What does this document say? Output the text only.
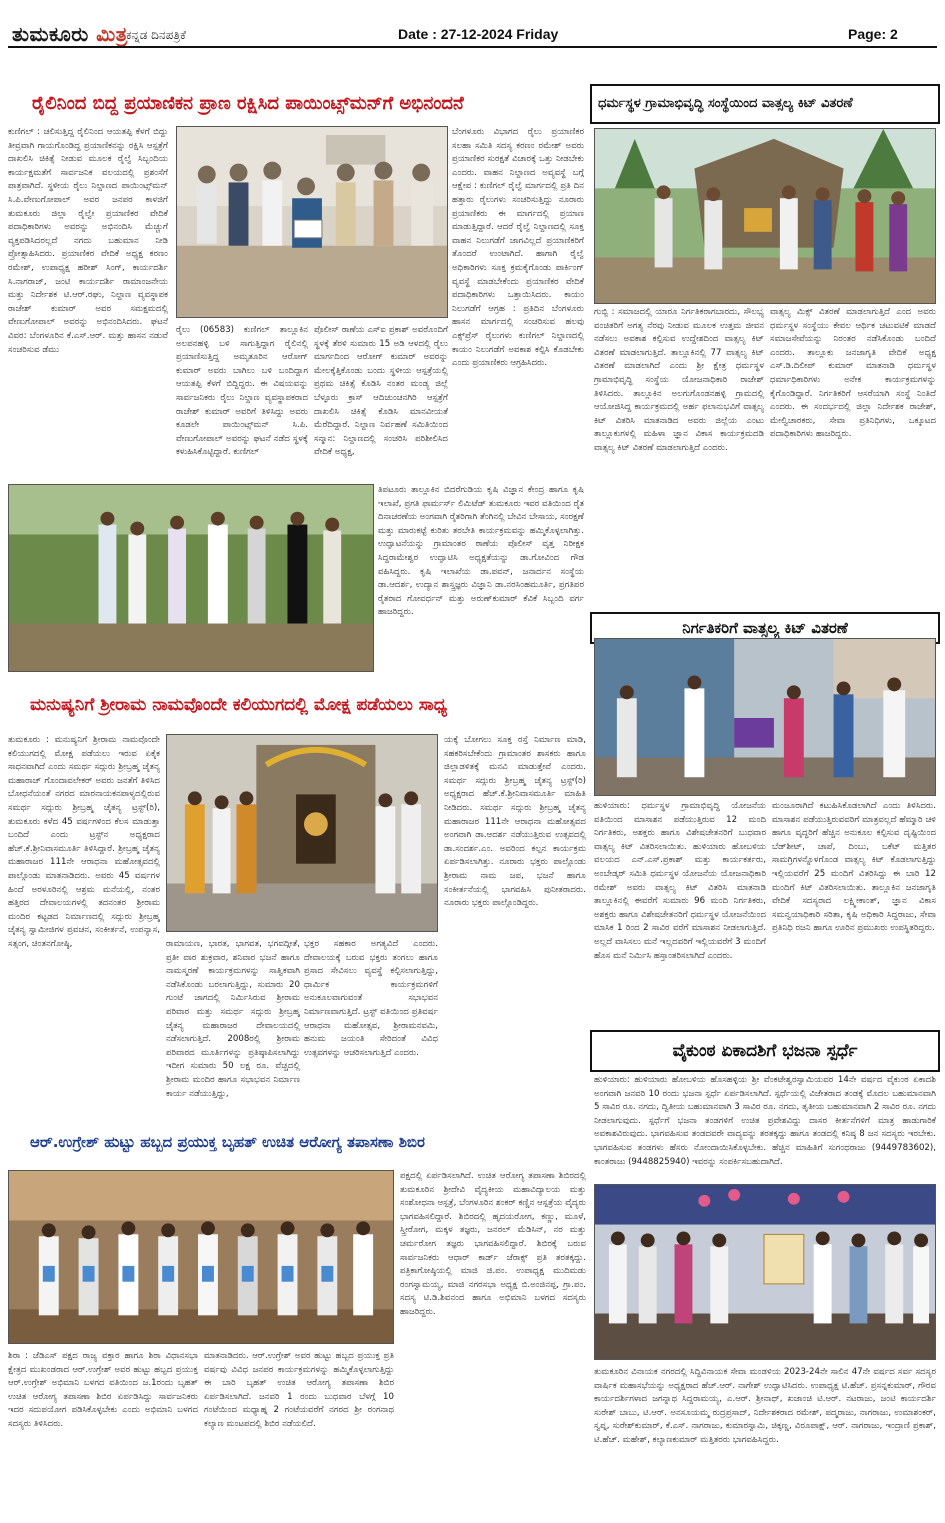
ತುಮಕೂರು ಮಿತ್ರ
ಕನ್ನಡ ದಿನಪತ್ರಿಕೆ	Date : 27-12-2024 Friday	Page: 2
ರೈಲಿನಿಂದ ಬಿದ್ದ ಪ್ರಯಾಣಿಕನ ಪ್ರಾಣ ರಕ್ಷಿಸಿದ ಪಾಯಿಂಟ್ಸ್‌ಮನ್‌ಗೆ ಅಭಿನಂದನೆ
ಕುಣಿಗಲ್ : ಚಲಿಸುತ್ತಿದ್ದ ರೈಲಿನಿಂದ ಆಯತಪ್ಪಿ ಕೆಳಗೆ ಬಿದ್ದು ತೀವ್ರವಾಗಿ ಗಾಯಗೊಂಡಿದ್ದ ಪ್ರಯಾಣಿಕನನ್ನು ರಕ್ಷಿಸಿ ಆಸ್ಪತ್ರೆಗೆ ದಾಖಲಿಸಿ ಚಿಕಿತ್ಸೆ ನೀಡುವ ಮೂಲಕ ರೈಲ್ವೆ ಸಿಬ್ಬಂದಿಯ ಕಾರ್ಯಕ್ಷಮತೆಗೆ ಸಾರ್ವಜನಿಕ ವಲಯದಲ್ಲಿ ಪ್ರಶಂಸೆಗೆ ಪಾತ್ರವಾಗಿದೆ. ಸ್ಥಳೀಯ ರೈಲು ನಿಲ್ದಾಣದ ಪಾಯಿಂಟ್ಸ್‌ಮನ್ ಸಿ.ಪಿ.ವೇಣುಗೋಪಾಲ್ ಅವರ ಜನಪರ ಕಾಳಜಿಗೆ ತುಮಕೂರು ಜಿಲ್ಲಾ ರೈಲ್ವೇ ಪ್ರಯಾಣಿಕರ ವೇದಿಕೆ ಪದಾಧಿಕಾರಿಗಳು ಅವರನ್ನು ಅಭಿನಂದಿಸಿ ಮೆಚ್ಚುಗೆ ವ್ಯಕ್ತಪಡಿಸಿದರಲ್ಲದೆ ನಗದು ಬಹುಮಾನ ನೀಡಿ ಪ್ರೋತ್ಸಾಹಿಸಿದರು. ಪ್ರಯಾಣಿಕರ ವೇದಿಕೆ ಅಧ್ಯಕ್ಷ ಕರಣಂ ರಮೇಶ್, ಉಪಾಧ್ಯಕ್ಷ ಹರೀಶ್ ಸಿಂಗ್, ಕಾರ್ಯದರ್ಶಿ ಸಿ.ನಾಗರಾಜ್, ಜಂಟಿ ಕಾರ್ಯದರ್ಶಿ ರಾಮಾಂಜನೇಯ ಮತ್ತು ನಿರ್ದೇಶಕ ಟಿ.ಆರ್.ರಘು, ನಿಲ್ದಾಣ ವ್ಯವಸ್ಥಾಪಕ ರಾಜೇಶ್ ಕುಮಾರ್ ಅವರ ಸಮಕ್ಷಮದಲ್ಲಿ ವೇಣುಗೋಪಾಲ್ ಅವರನ್ನು ಅಭಿನಂದಿಸಿದರು. ಘಟನೆ ವಿವರ: ಬೆಂಗಳೂರಿನ ಕೆ.ಎಸ್.ಆರ್. ಮತ್ತು ಹಾಸನ ನಡುವೆ ಸಂಚರಿಸುವ ಡೆಮು
ರೈಲು (06583) ಕುಣಿಗಲ್ ತಾಲ್ಲೂಕಿನ ಅಲಪನಹಳ್ಳಿ ಬಳಿ ಸಾಗುತ್ತಿದ್ದಾಗ ರೈಲಿನಲ್ಲಿ ಪ್ರಯಾಣಿಸುತ್ತಿದ್ದ ಅಮೃತೂರಿನ ಆರೋಗ್ ಕುಮಾರ್ ಅವರು ಬಾಗಿಲು ಬಳಿ ಬಂದಿದ್ದಾಗ ಆಯತಪ್ಪಿ ಕೆಳಗೆ ಬಿದ್ದಿದ್ದರು. ಈ ವಿಷಯವನ್ನು ಸಾರ್ವಜನಿಕರು ರೈಲು ನಿಲ್ದಾಣ ವ್ಯವಸ್ಥಾಪಕರಾದ ರಾಜೇಶ್ ಕುಮಾರ್ ಅವರಿಗೆ ತಿಳಿಸಿದ್ದು ಅವರು ಕೂಡಲೇ ಪಾಯಿಂಟ್ಸ್‌ಮನ್ ಸಿ.ಪಿ. ವೇಣುಗೋಪಾಲ್ ಅವರನ್ನು ಘಟನೆ ನಡೆದ ಸ್ಥಳಕ್ಕೆ ಕಳುಹಿಸಿಕೊಟ್ಟಿದ್ದಾರೆ. ಕುಣಿಗಲ್
ಪೊಲೀಸ್ ಠಾಣೆಯ ಎಸ್‌ಐ ಪ್ರಕಾಶ್ ಅವರೊಂದಿಗೆ ಸ್ಥಳಕ್ಕೆ ತೆರಳಿ ಸುಮಾರು 15 ಅಡಿ ಆಳದಲ್ಲಿ ರೈಲು ಮಾರ್ಗದಿಂದ ಆರೋಗ್ ಕುಮಾರ್ ಅವರನ್ನು ಮೇಲಕ್ಕೆತ್ತಿಕೊಂಡು ಬಂದು ಸ್ಥಳೀಯ ಆಸ್ಪತ್ರೆಯಲ್ಲಿ ಪ್ರಥಮ ಚಿಕಿತ್ಸೆ ಕೊಡಿಸಿ ನಂತರ ಮಂಡ್ಯ ಜಿಲ್ಲೆ ಬೆಳ್ಳೂರು ಕ್ರಾಸ್ ಆದಿಚುಂಚನಗಿರಿ ಆಸ್ಪತ್ರೆಗೆ ದಾಖಲಿಸಿ ಚಿಕಿತ್ಸೆ ಕೊಡಿಸಿ ಮಾನವೀಯತೆ ಮೆರೆದಿದ್ದಾರೆ. ನಿಲ್ದಾಣ ನಿರ್ವಹಣೆ ಸಮಿತಿಯಿಂದ ಸನ್ಮಾನ: ನಿಲ್ದಾಣದಲ್ಲಿ ಸಂಚರಿಸಿ ಪರಿಶೀಲಿಸಿದ ವೇದಿಕೆ ಅಧ್ಯಕ್ಷ,
ಬೆಂಗಳೂರು ವಿಭಾಗದ ರೈಲು ಪ್ರಯಾಣಿಕರ ಸಲಹಾ ಸಮಿತಿ ಸದಸ್ಯ ಕರಣಂ ರಮೇಶ್ ಅವರು ಪ್ರಯಾಣಿಕರ ಸುರಕ್ಷತೆ ವಿಚಾರಕ್ಕೆ ಒತ್ತು ನೀಡಬೇಕು ಎಂದರು. ವಾಹನ ನಿಲ್ದಾಣದ ಅವ್ಯವಸ್ಥೆ ಬಗ್ಗೆ ಆಕ್ಷೇಪ : ಕುಣಿಗಲ್ ರೈಲ್ವೆ ಮಾರ್ಗದಲ್ಲಿ ಪ್ರತಿ ದಿನ ಹತ್ತಾರು ರೈಲುಗಳು ಸಂಚರಿಸುತ್ತಿದ್ದು ನೂರಾರು ಪ್ರಯಾಣಿಕರು ಈ ಮಾರ್ಗದಲ್ಲಿ ಪ್ರಯಾಣ ಮಾಡುತ್ತಿದ್ದಾರೆ. ಆದರೆ ರೈಲ್ವೆ ನಿಲ್ದಾಣದಲ್ಲಿ ಸೂಕ್ತ ವಾಹನ ನಿಲುಗಡೆಗೆ ಜಾಗವಿಲ್ಲದೆ ಪ್ರಯಾಣಿಕರಿಗೆ ತೊಂದರೆ ಉಂಟಾಗಿದೆ. ಹಾಗಾಗಿ ರೈಲ್ವೆ ಅಧಿಕಾರಿಗಳು ಸೂಕ್ತ ಕ್ರಮಕೈಗೊಂಡು ಪಾರ್ಕಿಂಗ್ ವ್ಯವಸ್ಥೆ ಮಾಡಬೇಕೆಂದು ಪ್ರಯಾಣಿಕರ ವೇದಿಕೆ ಪದಾಧಿಕಾರಿಗಳು ಒತ್ತಾಯಿಸಿದರು. ಕಾಯಂ ನಿಲುಗಡೆಗೆ ಆಗ್ರಹ : ಪ್ರತಿದಿನ ಬೆಂಗಳೂರು ಹಾಸನ ಮಾರ್ಗದಲ್ಲಿ ಸಂಚರಿಸುವ ಹಲವು ಎಕ್ಸ್‌ಪ್ರೆಸ್ ರೈಲುಗಳು ಕುಣಿಗಲ್ ನಿಲ್ದಾಣದಲ್ಲಿ ಕಾಯಂ ನಿಲುಗಡೆಗೆ ಅವಕಾಶ ಕಲ್ಪಿಸಿ ಕೊಡಬೇಕು ಎಂದು ಪ್ರಯಾಣಿಕರು ಆಗ್ರಹಿಸಿದರು.
ಧರ್ಮಸ್ಥಳ ಗ್ರಾಮಾಭಿವೃದ್ಧಿ ಸಂಸ್ಥೆಯಿಂದ ವಾತ್ಸಲ್ಯ ಕಿಟ್ ವಿತರಣೆ
ಗುಬ್ಬಿ : ಸಮಾಜದಲ್ಲಿ ಯಾರೂ ನಿರ್ಗತಿಕರಾಗಬಾರದು, ಸೌಲಭ್ಯ ವಂಚಿತರಿಗೆ ಅಗತ್ಯ ನೆರವು ನೀಡುವ ಮೂಲಕ ಉತ್ತಮ ಜೀವನ ನಡೆಸಲು ಅವಕಾಶ ಕಲ್ಪಿಸುವ ಉದ್ದೇಶದಿಂದ ವಾತ್ಸಲ್ಯ ಕಿಟ್ ವಿತರಣೆ ಮಾಡಲಾಗುತ್ತಿದೆ. ತಾಲ್ಲೂಕಿನಲ್ಲಿ 77 ವಾತ್ಸಲ್ಯ ಕಿಟ್ ವಿತರಣೆ ಮಾಡಲಾಗಿದೆ ಎಂದು ಶ್ರೀ ಕ್ಷೇತ್ರ ಧರ್ಮಸ್ಥಳ ಗ್ರಾಮಾಭಿವೃದ್ಧಿ ಸಂಸ್ಥೆಯ ಯೋಜನಾಧಿಕಾರಿ ರಾಜೇಶ್ ತಿಳಿಸಿದರು. ತಾಲ್ಲೂಕಿನ ಅಲಗುಗೊಂಡನಹಳ್ಳಿ ಗ್ರಾಮದಲ್ಲಿ ಆಯೋಜಿಸಿದ್ದ ಕಾರ್ಯಕ್ರಮದಲ್ಲಿ ಅರ್ಹ ಫಲಾನುಭವಿಗೆ ವಾತ್ಸಲ್ಯ ಕಿಟ್ ವಿತರಿಸಿ ಮಾತನಾಡಿದ ಅವರು ಜಿಲ್ಲೆಯ ಎಂಟು ತಾಲ್ಲೂಕುಗಳಲ್ಲಿ ಮಹಿಳಾ ಜ್ಞಾನ ವಿಕಾಸ ಕಾರ್ಯಕ್ರಮದಡಿ ವಾತ್ಸಲ್ಯ ಕಿಟ್ ವಿತರಣೆ ಮಾಡಲಾಗುತ್ತಿದೆ ಎಂದರು.
ವಾತ್ಸಲ್ಯ ಮಿಕ್ಸ್ ವಿತರಣೆ ಮಾಡಲಾಗುತ್ತಿದೆ ಎಂದ ಅವರು ಧರ್ಮಸ್ಥಳ ಸಂಸ್ಥೆಯು ಕೇವಲ ಆರ್ಥಿಕ ಚಟುವಟಿಕೆ ಮಾಡದೆ ಸಮಾಜಸೇವೆಯನ್ನು ನಿರಂತರ ನಡೆಸಿಕೊಂಡು ಬಂದಿದೆ ಎಂದರು. ತಾಲ್ಲೂಕು ಜನಜಾಗೃತಿ ವೇದಿಕೆ ಅಧ್ಯಕ್ಷ ಎಸ್.ಡಿ.ದಿಲೀಪ್ ಕುಮಾರ್ ಮಾತನಾಡಿ ಧರ್ಮಸ್ಥಳ ಧರ್ಮಾಧಿಕಾರಿಗಳು ಅನೇಕ ಕಾರ್ಯಕ್ರಮಗಳನ್ನು ಕೈಗೊಂಡಿದ್ದಾರೆ. ನಿರ್ಗತಿಕರಿಗೆ ಆಸರೆಯಾಗಿ ಸಂಸ್ಥೆ ನಿಂತಿದೆ ಎಂದರು. ಈ ಸಂದರ್ಭದಲ್ಲಿ ಜಿಲ್ಲಾ ನಿರ್ದೇಶಕ ರಾಜೇಶ್, ಮೇಲ್ವಿಚಾರಕರು, ಸೇವಾ ಪ್ರತಿನಿಧಿಗಳು, ಒಕ್ಕೂಟದ ಪದಾಧಿಕಾರಿಗಳು ಹಾಜರಿದ್ದರು.
ತಿಪಟೂರು ತಾಲ್ಲೂಕಿನ ಬಿದರೆಗುಡಿಯ ಕೃಷಿ ವಿಜ್ಞಾನ ಕೇಂದ್ರ ಹಾಗೂ ಕೃಷಿ ಇಲಾಖೆ, ಪ್ರಗತಿ ಫಾರ್ಮರ್ಸ್ ಲಿಮಿಟೆಡ್ ತುಮಕೂರು ಇವರ ವತಿಯಿಂದ ರೈತ ದಿನಾಚರಣೆಯ ಅಂಗವಾಗಿ ರೈತರಿಗಾಗಿ ತೆಂಗಿನಲ್ಲಿ ಬೇವಿನ ಬೇಸಾಯ, ಸಂರಕ್ಷಣೆ ಮತ್ತು ಮಾರುಕಟ್ಟೆ ಕುರಿತು ತರಬೇತಿ ಕಾರ್ಯಕ್ರಮವನ್ನು ಹಮ್ಮಿಕೊಳ್ಳಲಾಗಿತ್ತು. ಉದ್ಘಾಟನೆಯನ್ನು ಗ್ರಾಮಾಂತರ ಠಾಣೆಯ ಪೊಲೀಸ್ ವೃತ್ತ ನಿರೀಕ್ಷಕ ಸಿದ್ದರಾಮೇಶ್ವರ ಉದ್ಘಾಟಿಸಿ ಅಧ್ಯಕ್ಷತೆಯನ್ನು ಡಾ.ಗೋವಿಂದ ಗೌಡ ವಹಿಸಿದ್ದರು. ಕೃಷಿ ಇಲಾಖೆಯ ಡಾ.ಪವನ್, ಜನಾರ್ದನ ಸಂಸ್ಥೆಯ ಡಾ.ಆದರ್ಶ, ಉದ್ಯಾನ ಶಾಸ್ತ್ರಜ್ಞರು ವಿಜ್ಞಾನಿ ಡಾ.ನರಸಿಂಹಮೂರ್ತಿ, ಪ್ರಗತಿಪರ ರೈತರಾದ ಗೋವರ್ಧನ್ ಮತ್ತು ಅರುಣ್‌ಕುಮಾರ್ ಕೆವಿಕೆ ಸಿಬ್ಬಂದಿ ವರ್ಗ ಹಾಜರಿದ್ದರು.
ಮನುಷ್ಯನಿಗೆ ಶ್ರೀರಾಮ ನಾಮವೊಂದೇ ಕಲಿಯುಗದಲ್ಲಿ ಮೋಕ್ಷ ಪಡೆಯಲು ಸಾಧ್ಯ
ತುಮಕೂರು : ಮನುಷ್ಯನಿಗೆ ಶ್ರೀರಾಮ ನಾಮವೊಂದೇ ಕಲಿಯುಗದಲ್ಲಿ ಮೋಕ್ಷ ಪಡೆಯಲು ಇರುವ ಏಕೈಕ ಸಾಧನವಾಗಿದೆ ಎಂದು ಸಮರ್ಥ ಸದ್ಗುರು ಶ್ರೀಬ್ರಹ್ಮ ಚೈತನ್ಯ ಮಹಾರಾಜ್ ಗೊಂದಾವಲೇಕರ್ ಅವರು ಜನತೆಗೆ ತಿಳಿಸಿದ ಬೋಧನೆಯಂತೆ ನಗರದ ಮಾರನಾಯಕನಪಾಳ್ಯದಲ್ಲಿರುವ ಸಮರ್ಥ ಸದ್ಗುರು ಶ್ರೀಬ್ರಹ್ಮ ಚೈತನ್ಯ ಟ್ರಸ್ಟ್(ರಿ), ತುಮಕೂರು ಕಳೆದ 45 ವರ್ಷಗಳಿಂದ ಕೆಲಸ ಮಾಡುತ್ತಾ ಬಂದಿದೆ ಎಂದು ಟ್ರಸ್ಟ್‌ನ ಅಧ್ಯಕ್ಷರಾದ ಹೆಚ್.ಕೆ.ಶ್ರೀನಿವಾಸಮೂರ್ತಿ ತಿಳಿಸಿದ್ದಾರೆ. ಶ್ರೀಬ್ರಹ್ಮ ಚೈತನ್ಯ ಮಹಾರಾಜರ 111ನೇ ಆರಾಧನಾ ಮಹೋತ್ಸವದಲ್ಲಿ ಪಾಲ್ಗೊಂಡು ಮಾತನಾಡಿದರು. ಅವರು 45 ವರ್ಷಗಳ ಹಿಂದೆ ಅರಳೂರಿನಲ್ಲಿ ಆಶ್ರಮ ಮನೆಯಲ್ಲಿ, ನಂತರ ಹತ್ತಿರದ ದೇವಾಲಯಗಳಲ್ಲಿ ತದನಂತರ ಶ್ರೀರಾಮ ಮಂದಿರ ಕಟ್ಟಡದ ನಿರ್ಮಾಣದಲ್ಲಿ ಸದ್ಗುರು ಶ್ರೀಬ್ರಹ್ಮ ಚೈತನ್ಯ ಸ್ವಾಮೀಜಿಗಳ ಪ್ರವಚನ, ಸಂಕೀರ್ತನೆ, ಉಪನ್ಯಾಸ, ಸತ್ಸಂಗ, ಚಿಂತನಗೋಷ್ಠಿ,	ರಾಮಾಯಣ, ಭಾರತ, ಭಾಗವತ, ಭಗವದ್ಗೀತೆ, ಪ್ರತೀ ವಾರ ಶುಕ್ರವಾರ, ಶನಿವಾರ ಭಜನೆ ಹಾಗೂ ನಾಮಸ್ಮರಣೆ ಕಾರ್ಯಕ್ರಮಗಳನ್ನು ಸಾತ್ವಿಕವಾಗಿ ನಡೆಸಿಕೊಂಡು ಬರಲಾಗುತ್ತಿದ್ದು, ಸುಮಾರು 20 ಗುಂಟೆ ಜಾಗದಲ್ಲಿ ನಿರ್ಮಿಸಿರುವ ಶ್ರೀರಾಮ ಪರಿವಾರ ಮತ್ತು ಸಮರ್ಥ ಸದ್ಗುರು ಶ್ರೀಬ್ರಹ್ಮ ಚೈತನ್ಯ ಮಹಾರಾಜರ ದೇವಾಲಯದಲ್ಲಿ ನಡೆಸಲಾಗುತ್ತಿದೆ. 2008ರಲ್ಲಿ ಶ್ರೀರಾಮ ಪರಿವಾರದ ಮೂರ್ತಿಗಳನ್ನು ಪ್ರತಿಷ್ಠಾಪಿಸಲಾಗಿದ್ದು ಇದೀಗ ಸುಮಾರು 50 ಲಕ್ಷ ರೂ. ವೆಚ್ಚದಲ್ಲಿ ಶ್ರೀರಾಮ ಮಂದಿರ ಹಾಗೂ ಸಭಾಭವನ ನಿರ್ಮಾಣ ಕಾರ್ಯ ನಡೆಯುತ್ತಿದ್ದು,
ಭಕ್ತರ ಸಹಕಾರ ಅಗತ್ಯವಿದೆ ಎಂದರು. ದೇವಾಲಯಕ್ಕೆ ಬರುವ ಭಕ್ತರು ತಂಗಲು ಹಾಗೂ ಪ್ರಸಾದ ಸೇವಿಸಲು ವ್ಯವಸ್ಥೆ ಕಲ್ಪಿಸಲಾಗುತ್ತಿದ್ದು, ಧಾರ್ಮಿಕ ಕಾರ್ಯಕ್ರಮಗಳಿಗೆ ಅನುಕೂಲವಾಗುವಂತೆ ಸಭಾಭವನ ನಿರ್ಮಾಣವಾಗುತ್ತಿದೆ. ಟ್ರಸ್ಟ್ ವತಿಯಿಂದ ಪ್ರತಿವರ್ಷ ಆರಾಧನಾ ಮಹೋತ್ಸವ, ಶ್ರೀರಾಮನವಮಿ, ಹನುಮ ಜಯಂತಿ ಸೇರಿದಂತೆ ವಿವಿಧ ಉತ್ಸವಗಳನ್ನು ಆಚರಿಸಲಾಗುತ್ತಿದೆ ಎಂದರು.
ಯಕ್ಕೆ ಬೋಗಲು ಸೂಕ್ತ ರಸ್ತೆ ನಿರ್ಮಾಣ ಮಾಡಿ, ಸಹಕರಿಸಬೇಕೆಂದು ಗ್ರಾಮಾಂತರ ಶಾಸಕರು ಹಾಗೂ ಜಿಲ್ಲಾಡಳಿತಕ್ಕೆ ಮನವಿ ಮಾಡುತ್ತೇವೆ ಎಂದರು. ಸಮರ್ಥ ಸದ್ಗುರು ಶ್ರೀಬ್ರಹ್ಮ ಚೈತನ್ಯ ಟ್ರಸ್ಟ್(ರಿ) ಅಧ್ಯಕ್ಷರಾದ ಹೆಚ್.ಕೆ.ಶ್ರೀನಿವಾಸಮೂರ್ತಿ ಮಾಹಿತಿ ನೀಡಿದರು. ಸಮರ್ಥ ಸದ್ಗುರು ಶ್ರೀಬ್ರಹ್ಮ ಚೈತನ್ಯ ಮಹಾರಾಜರ 111ನೇ ಆರಾಧನಾ ಮಹೋತ್ಸವದ ಅಂಗವಾಗಿ ಡಾ.ಆದರ್ಶ ನಡೆಯುತ್ತಿರುವ ಉತ್ಸವದಲ್ಲಿ ಡಾ.ಸಂದರ್ಶ.ಎಂ. ಅವರಿಂದ ಕಲ್ಪನ ಕಾರ್ಯಕ್ರಮ ಏರ್ಪಡಿಸಲಾಗಿತ್ತು. ನೂರಾರು ಭಕ್ತರು ಪಾಲ್ಗೊಂಡು ಶ್ರೀರಾಮ ನಾಮ ಜಪ, ಭಜನೆ ಹಾಗೂ ಸಂಕೀರ್ತನೆಯಲ್ಲಿ ಭಾಗವಹಿಸಿ ಪುನೀತರಾದರು. ನೂರಾರು ಭಕ್ತರು ಪಾಲ್ಗೊಂಡಿದ್ದರು.
ನಿರ್ಗತಿಕರಿಗೆ ವಾತ್ಸಲ್ಯ ಕಿಟ್ ವಿತರಣೆ
ಹುಳಿಯಾರು: ಧರ್ಮಸ್ಥಳ ಗ್ರಾಮಾಭಿವೃದ್ಧಿ ಯೋಜನೆಯ ವತಿಯಿಂದ ಮಾಸಾಶನ ಪಡೆಯುತ್ತಿರುವ 12 ಮಂದಿ ನಿರ್ಗತಿಕರು, ಅಶಕ್ತರು ಹಾಗೂ ವಿಶೇಷಚೇತನರಿಗೆ ಬುಧವಾರ ವಾತ್ಸಲ್ಯ ಕಿಟ್ ವಿತರಿಸಲಾಯಿತು. ಹುಳಿಯಾರು ಹೋಬಳಿಯ ವಲಯದ ಎನ್.ಎಸ್.ಪ್ರಕಾಶ್ ಮತ್ತು ಕಾರ್ಯಕರ್ತರು, ಅಂಬೇಡ್ಕರ್ ಸಮಿತಿ ಧರ್ಮಸ್ಥಳ ಯೋಜನೆಯ ಯೋಜನಾಧಿಕಾರಿ ರಮೇಶ್ ಅವರು ವಾತ್ಸಲ್ಯ ಕಿಟ್ ವಿತರಿಸಿ ಮಾತನಾಡಿ ತಾಲ್ಲೂಕಿನಲ್ಲಿ ಈವರೆಗೆ ಸುಮಾರು 96 ಮಂದಿ ನಿರ್ಗತಿಕರು, ಅಶಕ್ತರು ಹಾಗೂ ವಿಶೇಷಚೇತನರಿಗೆ ಧರ್ಮಸ್ಥಳ ಯೋಜನೆಯಿಂದ ಮಾಸಿಕ 1 ರಿಂದ 2 ಸಾವಿರ ವರೆಗೆ ಮಾಸಾಶನ ನೀಡಲಾಗುತ್ತಿದೆ. ಅಲ್ಲದೆ ವಾಸಿಸಲು ಮನೆ ಇಲ್ಲದವರಿಗೆ ಇಲ್ಲಿಯವರೆಗೆ 3 ಮಂದಿಗೆ ಹೊಸ ಮನೆ ನಿರ್ಮಿಸಿ ಹಸ್ತಾಂತರಿಸಲಾಗಿದೆ ಎಂದರು.
ಮಂಜೂರಾಗಿದೆ ಕಟುಹಿಸಿಕೊಡಲಾಗಿದೆ ಎಂದು ತಿಳಿಸಿದರು. ಮಾಸಾಶನ ಪಡೆಯುತ್ತಿರುವವರಿಗೆ ಮಾತ್ರವಲ್ಲದೆ ಹೆಮ್ಮಾರಿ ಚಳಿ ಹಾಗೂ ವೃದ್ಧರಿಗೆ ಹೆಚ್ಚಿನ ಅನುಕೂಲ ಕಲ್ಪಿಸುವ ದೃಷ್ಟಿಯಿಂದ ಬೆಡ್‌ಶೀಟ್, ಚಾಪೆ, ದಿಂಬು, ಬಕೆಟ್ ಮತ್ತಿತರ ಸಾಮಗ್ರಿಗಳನ್ನೊಳಗೊಂಡ ವಾತ್ಸಲ್ಯ ಕಿಟ್ ಕೊಡಲಾಗುತ್ತಿದ್ದು ಇಲ್ಲಿಯವರೆಗೆ 25 ಮಂದಿಗೆ ವಿತರಿಸಿದ್ದು ಈ ಬಾರಿ 12 ಮಂದಿಗೆ ಕಿಟ್ ವಿತರಿಸಲಾಯಿತು. ತಾಲ್ಲೂಕಿನ ಜನಜಾಗೃತಿ ವೇದಿಕೆ ಸದಸ್ಯರಾದ ಲಕ್ಷ್ಮೀಕಾಂತ್, ಜ್ಞಾನ ವಿಕಾಸ ಸಮನ್ವಯಾಧಿಕಾರಿ ಸರಿತಾ, ಕೃಷಿ ಅಧಿಕಾರಿ ಸಿದ್ದರಾಜು, ಸೇವಾ ಪ್ರತಿನಿಧಿ ರಜನಿ ಹಾಗೂ ಊರಿನ ಪ್ರಮುಖರು ಉಪಸ್ಥಿತರಿದ್ದರು.
ವೈಕುಂಠ ಏಕಾದಶಿಗೆ ಭಜನಾ ಸ್ಪರ್ಧೆ
ಹುಳಿಯಾರು: ಹುಳಿಯಾರು ಹೋಬಳಿಯ ಹೊಸಹಳ್ಳಿಯ ಶ್ರೀ ವೆಂಕಟೇಶ್ವರಸ್ವಾಮಿಯವರ 14ನೇ ವರ್ಷದ ವೈಕುಂಠ ಏಕಾದಶಿ ಅಂಗವಾಗಿ ಜನವರಿ 10 ರಂದು ಭಜನಾ ಸ್ಪರ್ಧೆ ಏರ್ಪಡಿಸಲಾಗಿದೆ. ಸ್ಪರ್ಧೆಯಲ್ಲಿ ವಿಜೇತರಾದ ತಂಡಕ್ಕೆ ಮೊದಲ ಬಹುಮಾನವಾಗಿ 5 ಸಾವಿರ ರೂ. ನಗದು, ದ್ವಿತೀಯ ಬಹುಮಾನವಾಗಿ 3 ಸಾವಿರ ರೂ. ನಗದು, ತೃತೀಯ ಬಹುಮಾನವಾಗಿ 2 ಸಾವಿರ ರೂ. ನಗದು ನೀಡಲಾಗುವುದು. ಸ್ಪರ್ಧೆಗೆ ಭಜನಾ ತಂಡಗಳಿಗೆ ಉಚಿತ ಪ್ರವೇಶವಿದ್ದು ದಾಸರ ಕೀರ್ತನೆಗಳಿಗೆ ಮಾತ್ರ ಹಾಡುಗಾರಿಕೆ ಅವಕಾಶವಿರುವುದು. ಭಾಗವಹಿಸುವ ತಂಡದವರೇ ವಾದ್ಯವನ್ನು ತರತಕ್ಕದ್ದು ಹಾಗೂ ತಂಡದಲ್ಲಿ ಕನಿಷ್ಠ 8 ಜನ ಸದಸ್ಯರು ಇರಬೇಕು. ಭಾಗವಹಿಸುವ ತಂಡಗಳು ಹೆಸರು ನೋಂದಾಯಿಸಿಕೊಳ್ಳಬೇಕು. ಹೆಚ್ಚಿನ ಮಾಹಿತಿಗೆ ಸುಗಂಧರಾಜು (9449783602), ಕಾಂತರಾಜು (9448825940) ಇವರನ್ನು ಸಂಪರ್ಕಿಸಬಹುದಾಗಿದೆ.
ಆರ್.ಉಗ್ರೇಶ್ ಹುಟ್ಟು ಹಬ್ಬದ ಪ್ರಯುಕ್ತ ಬೃಹತ್ ಉಚಿತ ಆರೋಗ್ಯ ತಪಾಸಣಾ ಶಿಬಿರ
ಶಿರಾ : ಜೆಡಿಎಸ್ ಪಕ್ಷದ ರಾಜ್ಯ ವಕ್ತಾರ ಹಾಗೂ ಶಿರಾ ವಿಧಾನಸಭಾ ಕ್ಷೇತ್ರದ ಮುಖಂಡರಾದ ಆರ್.ಉಗ್ರೇಶ್ ಅವರ ಹುಟ್ಟು ಹಬ್ಬದ ಪ್ರಯುಕ್ತ ಆರ್.ಉಗ್ರೇಶ್ ಅಭಿಮಾನಿ ಬಳಗದ ವತಿಯಿಂದ ಜ.1ರಂದು ಬೃಹತ್ ಉಚಿತ ಆರೋಗ್ಯ ತಪಾಸಣಾ ಶಿಬಿರ ಏರ್ಪಡಿಸಿದ್ದು ಸಾರ್ವಜನಿಕರು ಇದರ ಸದುಪಯೋಗ ಪಡಿಸಿಕೊಳ್ಳಬೇಕು ಎಂದು ಅಭಿಮಾನಿ ಬಳಗದ ಸದಸ್ಯರು ತಿಳಿಸಿದರು.
ಮಾತನಾಡಿದರು. ಆರ್.ಉಗ್ರೇಶ್ ಅವರ ಹುಟ್ಟು ಹಬ್ಬದ ಪ್ರಯುಕ್ತ ಪ್ರತಿ ವರ್ಷವು ವಿವಿಧ ಜನಪರ ಕಾರ್ಯಕ್ರಮಗಳನ್ನು ಹಮ್ಮಿಕೊಳ್ಳಲಾಗುತ್ತಿದ್ದು ಈ ಬಾರಿ ಬೃಹತ್ ಉಚಿತ ಆರೋಗ್ಯ ತಪಾಸಣಾ ಶಿಬಿರ ಏರ್ಪಡಿಸಲಾಗಿದೆ. ಜನವರಿ 1 ರಂದು ಬುಧವಾರ ಬೆಳಗ್ಗೆ 10 ಗಂಟೆಯಿಂದ ಮಧ್ಯಾಹ್ನ 2 ಗಂಟೆಯವರೆಗೆ ನಗರದ ಶ್ರೀ ರಂಗನಾಥ ಕಲ್ಯಾಣ ಮಂಟಪದಲ್ಲಿ ಶಿಬಿರ ನಡೆಯಲಿದೆ.
ಪಕ್ಷದಲ್ಲಿ ಏರ್ಪಡಿಸಲಾಗಿದೆ. ಉಚಿತ ಆರೋಗ್ಯ ತಪಾಸಣಾ ಶಿಬಿರದಲ್ಲಿ ತುಮಕೂರಿನ ಶ್ರೀದೇವಿ ವೈದ್ಯಕೀಯ ಮಹಾವಿದ್ಯಾಲಯ ಮತ್ತು ಸಂಶೋಧನಾ ಆಸ್ಪತ್ರೆ, ಬೆಂಗಳೂರಿನ ಶಂಕರ್ ಕಣ್ಣಿನ ಆಸ್ಪತ್ರೆಯ ವೈದ್ಯರು ಭಾಗವಹಿಸಲಿದ್ದಾರೆ. ಶಿಬಿರದಲ್ಲಿ ಹೃದಯರೋಗ, ಕಣ್ಣು, ಮೂಳೆ, ಸ್ತ್ರೀರೋಗ, ಮಕ್ಕಳ ತಜ್ಞರು, ಜನರಲ್ ಮೆಡಿಸಿನ್, ನರ ಮತ್ತು ಚರ್ಮರೋಗ ತಜ್ಞರು ಭಾಗವಹಿಸಲಿದ್ದಾರೆ. ಶಿಬಿರಕ್ಕೆ ಬರುವ ಸಾರ್ವಜನಿಕರು ಆಧಾರ್ ಕಾರ್ಡ್ ಜೆರಾಕ್ಸ್ ಪ್ರತಿ ತರತಕ್ಕದ್ದು. ಪತ್ರಿಕಾಗೋಷ್ಠಿಯಲ್ಲಿ ಮಾಜಿ ಜಿ.ಪಂ. ಉಪಾಧ್ಯಕ್ಷ ಮುದಿಮಡು ರಂಗಸ್ವಾಮಯ್ಯ, ಮಾಜಿ ನಗರಸಭಾ ಅಧ್ಯಕ್ಷ ಬಿ.ಅಂಜಿನಪ್ಪ, ಗ್ರಾ.ಪಂ. ಸದಸ್ಯ ಟಿ.ಡಿ.ಶಿವನಂದ ಹಾಗೂ ಅಭಿಮಾನಿ ಬಳಗದ ಸದಸ್ಯರು ಹಾಜರಿದ್ದರು.
ತುಮಕೂರಿನ ವಿನಾಯಕ ನಗರದಲ್ಲಿ ಸಿದ್ದಿವಿನಾಯಕ ಸೇವಾ ಮಂಡಳಿಯ 2023-24ನೇ ಸಾಲಿನ 47ನೇ ವರ್ಷದ ಸರ್ವ ಸದಸ್ಯರ ವಾರ್ಷಿಕ ಮಹಾಸಭೆಯನ್ನು ಅಧ್ಯಕ್ಷರಾದ ಹೆಚ್.ಆರ್. ನಾಗೇಶ್ ಉದ್ಘಾಟಿಸಿದರು. ಉಪಾಧ್ಯಕ್ಷ ಟಿ.ಹೆಚ್. ಪ್ರಸನ್ನಕುಮಾರ್, ಗೌರವ ಕಾರ್ಯದರ್ಶಿಗಳಾದ ಜಗನ್ನಾಥ ಸಿದ್ದರಾಮಯ್ಯ, ಎ.ಆರ್. ಶ್ರೀನಾಥ್, ಖಜಾಂಚಿ ಟಿ.ಆರ್. ನಟರಾಜು, ಜಂಟಿ ಕಾರ್ಯದರ್ಶಿ ಸುರೇಶ್ ಬಾಬು, ಟಿ.ಆರ್. ಅನಸೂಯಮ್ಮ ರುದ್ರಪ್ರಸಾದ್, ನಿರ್ದೇಶಕರಾದ ರಮೇಶ್, ಪದ್ಮರಾಜು, ನಾಗರಾಜು, ಉಮಾಶಂಕರ್, ಸ್ವಪ್ನ, ಸುರೇಶ್‌ಕುಮಾರ್, ಕೆ.ಎಸ್. ನಾಗರಾಜು, ಕುಮಾರಸ್ವಾಮಿ, ಚಿಕ್ಕಣ್ಣ, ವಿರೂಪಾಕ್ಷ್, ಆರ್. ನಾಗರಾಜು, ಇಂದ್ರಾಣಿ ಪ್ರಕಾಶ್, ಟಿ.ಹೆಚ್. ಮಹೇಶ್, ಕಲ್ಯಾಣಕುಮಾರ್ ಮತ್ತಿತರರು ಭಾಗವಹಿಸಿದ್ದರು.
